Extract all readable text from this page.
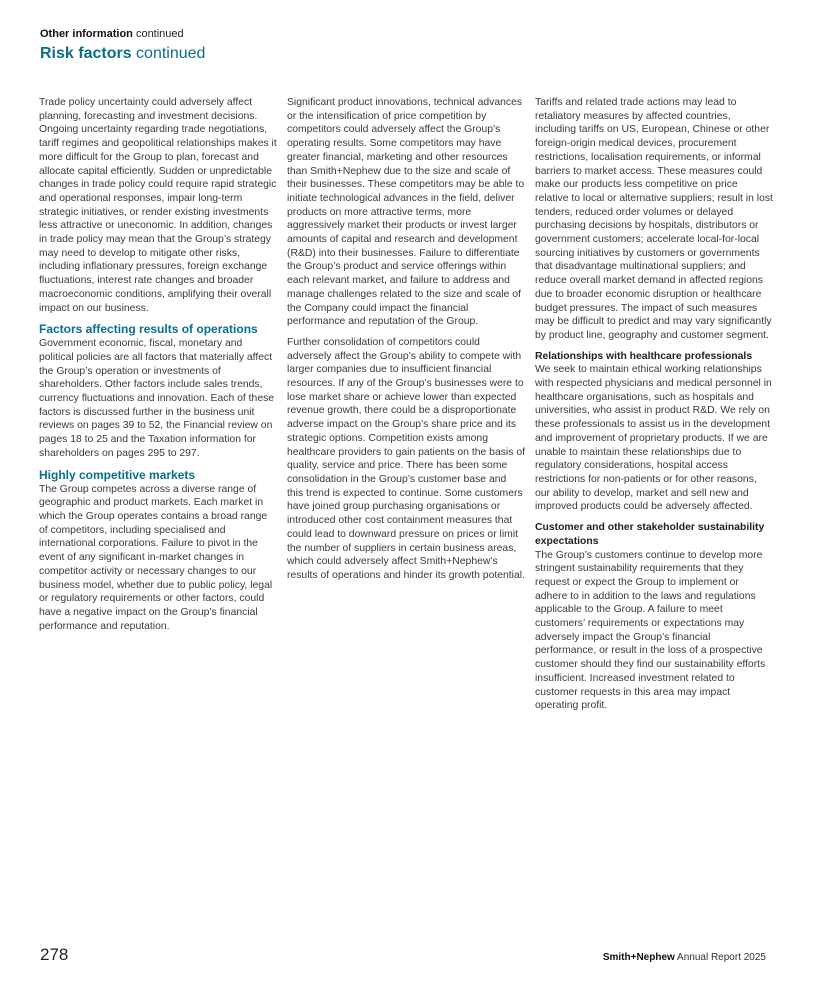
Other information continued
Risk factors continued

Trade policy uncertainty could adversely affect planning, forecasting and investment decisions. Ongoing uncertainty regarding trade negotiations, tariff regimes and geopolitical relationships makes it more difficult for the Group to plan, forecast and allocate capital efficiently. Sudden or unpredictable changes in trade policy could require rapid strategic and operational responses, impair long-term strategic initiatives, or render existing investments less attractive or uneconomic. In addition, changes in trade policy may mean that the Group’s strategy may need to develop to mitigate other risks, including inflationary pressures, foreign exchange fluctuations, interest rate changes and broader macroeconomic conditions, amplifying their overall impact on our business.

Factors affecting results of operations

Government economic, fiscal, monetary and political policies are all factors that materially affect the Group’s operation or investments of shareholders. Other factors include sales trends, currency fluctuations and innovation. Each of these factors is discussed further in the business unit reviews on pages 39 to 52, the Financial review on pages 18 to 25 and the Taxation information for shareholders on pages 295 to 297.

Highly competitive markets

The Group competes across a diverse range of geographic and product markets. Each market in which the Group operates contains a broad range of competitors, including specialised and international corporations. Failure to pivot in the event of any significant in-market changes in competitor activity or necessary changes to our business model, whether due to public policy, legal or regulatory requirements or other factors, could have a negative impact on the Group’s financial performance and reputation.

Significant product innovations, technical advances or the intensification of price competition by competitors could adversely affect the Group’s operating results. Some competitors may have greater financial, marketing and other resources than Smith+Nephew due to the size and scale of their businesses. These competitors may be able to initiate technological advances in the field, deliver products on more attractive terms, more aggressively market their products or invest larger amounts of capital and research and development (R&D) into their businesses. Failure to differentiate the Group’s product and service offerings within each relevant market, and failure to address and manage challenges related to the size and scale of the Company could impact the financial performance and reputation of the Group.

Further consolidation of competitors could adversely affect the Group’s ability to compete with larger companies due to insufficient financial resources. If any of the Group’s businesses were to lose market share or achieve lower than expected revenue growth, there could be a disproportionate adverse impact on the Group’s share price and its strategic options. Competition exists among healthcare providers to gain patients on the basis of quality, service and price. There has been some consolidation in the Group’s customer base and this trend is expected to continue. Some customers have joined group purchasing organisations or introduced other cost containment measures that could lead to downward pressure on prices or limit the number of suppliers in certain business areas, which could adversely affect Smith+Nephew’s results of operations and hinder its growth potential.

Tariffs and related trade actions may lead to retaliatory measures by affected countries, including tariffs on US, European, Chinese or other foreign-origin medical devices, procurement restrictions, localisation requirements, or informal barriers to market access. These measures could make our products less competitive on price relative to local or alternative suppliers; result in lost tenders, reduced order volumes or delayed purchasing decisions by hospitals, distributors or government customers; accelerate local-for-local sourcing initiatives by customers or governments that disadvantage multinational suppliers; and reduce overall market demand in affected regions due to broader economic disruption or healthcare budget pressures. The impact of such measures may be difficult to predict and may vary significantly by product line, geography and customer segment.

Relationships with healthcare professionals

We seek to maintain ethical working relationships with respected physicians and medical personnel in healthcare organisations, such as hospitals and universities, who assist in product R&D. We rely on these professionals to assist us in the development and improvement of proprietary products. If we are unable to maintain these relationships due to regulatory considerations, hospital access restrictions for non-patients or for other reasons, our ability to develop, market and sell new and improved products could be adversely affected.

Customer and other stakeholder sustainability expectations

The Group’s customers continue to develop more stringent sustainability requirements that they request or expect the Group to implement or adhere to in addition to the laws and regulations applicable to the Group. A failure to meet customers’ requirements or expectations may adversely impact the Group’s financial performance, or result in the loss of a prospective customer should they find our sustainability efforts insufficient. Increased investment related to customer requests in this area may impact operating profit.

278	Smith+Nephew Annual Report 2025
